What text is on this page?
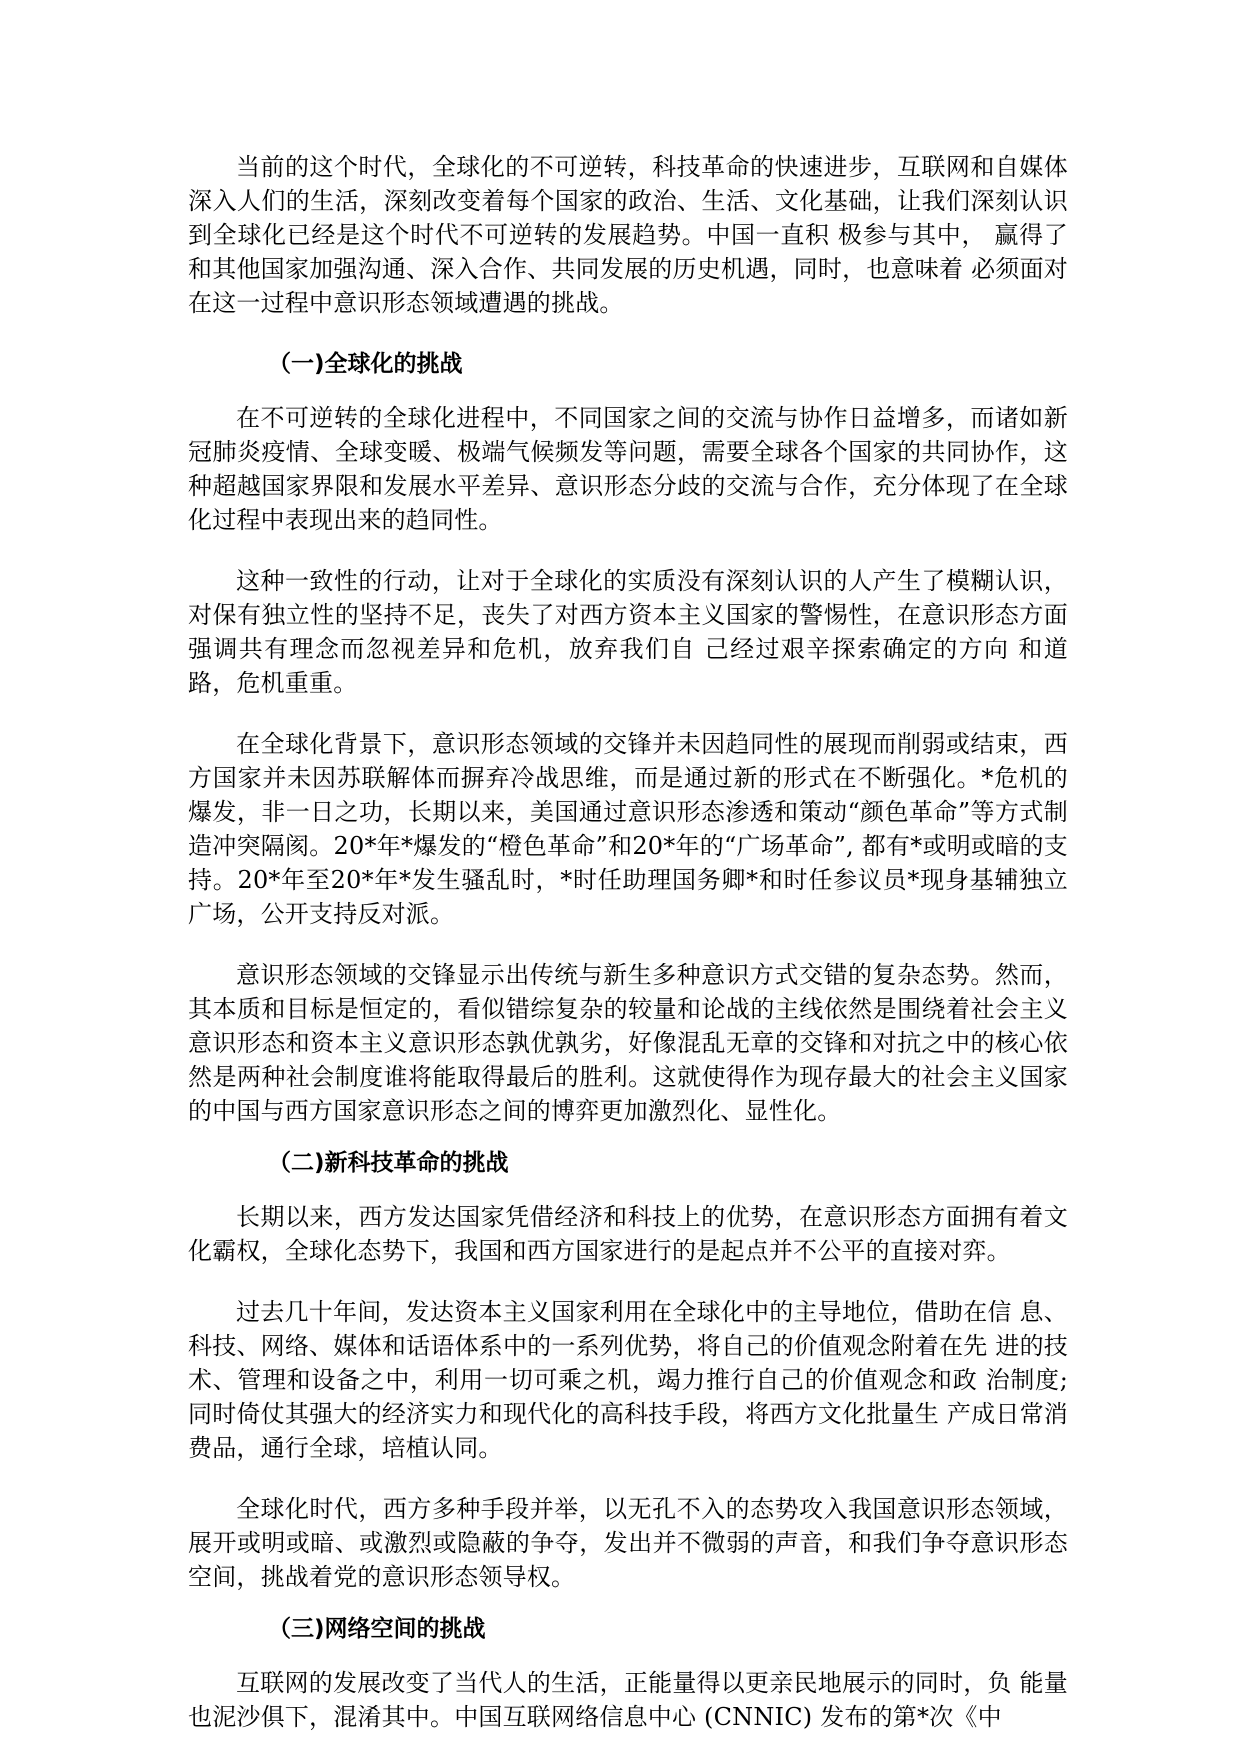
当前的这个时代，全球化的不可逆转，科技革命的快速进步，互联网和自媒体深入人们的生活，深刻改变着每个国家的政治、生活、文化基础，让我们深刻认识到全球化已经是这个时代不可逆转的发展趋势。中国一直积 极参与其中， 赢得了和其他国家加强沟通、深入合作、共同发展的历史机遇，同时，也意味着 必须面对在这一过程中意识形态领域遭遇的挑战。

（一)全球化的挑战

在不可逆转的全球化进程中，不同国家之间的交流与协作日益增多，而诸如新冠肺炎疫情、全球变暖、极端气候频发等问题，需要全球各个国家的共同协作，这种超越国家界限和发展水平差异、意识形态分歧的交流与合作，充分体现了在全球化过程中表现出来的趋同性。

这种一致性的行动，让对于全球化的实质没有深刻认识的人产生了模糊认识，对保有独立性的坚持不足，丧失了对西方资本主义国家的警惕性，在意识形态方面强调共有理念而忽视差异和危机，放弃我们自 己经过艰辛探索确定的方向 和道路，危机重重。

在全球化背景下，意识形态领域的交锋并未因趋同性的展现而削弱或结束，西方国家并未因苏联解体而摒弃冷战思维，而是通过新的形式在不断强化。*危机的爆发，非一日之功，长期以来，美国通过意识形态渗透和策动“颜色革命”等方式制造冲突隔阂。20*年*爆发的“橙色革命”和20*年的“广场革命”, 都有*或明或暗的支持。20*年至20*年*发生骚乱时，*时任助理国务卿*和时任参议员*现身基辅独立广场，公开支持反对派。

意识形态领域的交锋显示出传统与新生多种意识方式交错的复杂态势。然而，其本质和目标是恒定的，看似错综复杂的较量和论战的主线依然是围绕着社会主义意识形态和资本主义意识形态孰优孰劣，好像混乱无章的交锋和对抗之中的核心依然是两种社会制度谁将能取得最后的胜利。这就使得作为现存最大的社会主义国家的中国与西方国家意识形态之间的博弈更加激烈化、显性化。

（二)新科技革命的挑战

长期以来，西方发达国家凭借经济和科技上的优势，在意识形态方面拥有着文化霸权，全球化态势下，我国和西方国家进行的是起点并不公平的直接对弈。

过去几十年间，发达资本主义国家利用在全球化中的主导地位，借助在信 息、科技、网络、媒体和话语体系中的一系列优势，将自己的价值观念附着在先 进的技术、管理和设备之中，利用一切可乘之机，竭力推行自己的价值观念和政 治制度; 同时倚仗其强大的经济实力和现代化的高科技手段，将西方文化批量生 产成日常消费品，通行全球，培植认同。

全球化时代，西方多种手段并举，以无孔不入的态势攻入我国意识形态领域，展开或明或暗、或激烈或隐蔽的争夺，发出并不微弱的声音，和我们争夺意识形态空间，挑战着党的意识形态领导权。

（三)网络空间的挑战

互联网的发展改变了当代人的生活，正能量得以更亲民地展示的同时，负 能量也泥沙俱下，混淆其中。中国互联网络信息中心 (CNNIC) 发布的第*次《中
